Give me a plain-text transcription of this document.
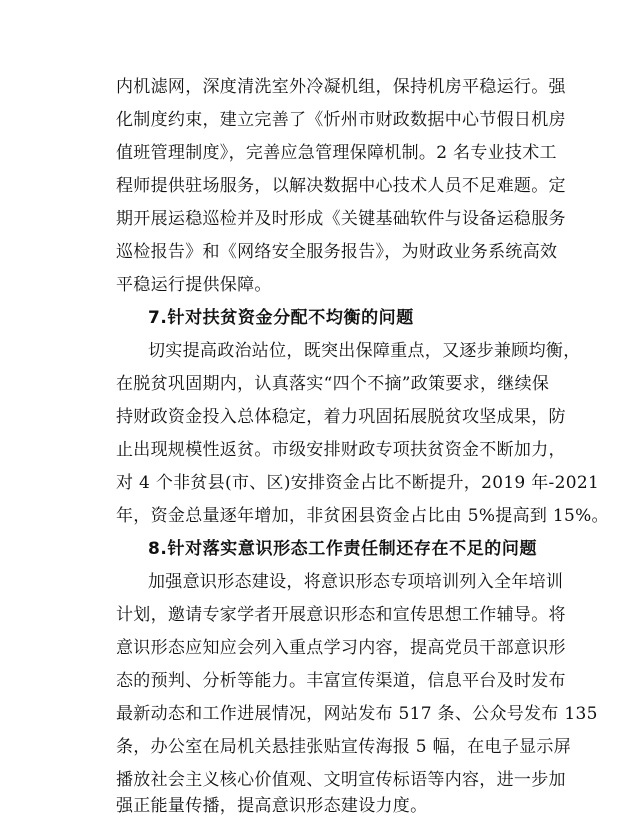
内机滤网，深度清洗室外冷凝机组，保持机房平稳运行。强
化制度约束，建立完善了《忻州市财政数据中心节假日机房
值班管理制度》，完善应急管理保障机制。2 名专业技术工
程师提供驻场服务，以解决数据中心技术人员不足难题。定
期开展运稳巡检并及时形成《关键基础软件与设备运稳服务
巡检报告》和《网络安全服务报告》，为财政业务系统高效
平稳运行提供保障。
7.针对扶贫资金分配不均衡的问题
切实提高政治站位，既突出保障重点，又逐步兼顾均衡，
在脱贫巩固期内，认真落实“四个不摘”政策要求，继续保
持财政资金投入总体稳定，着力巩固拓展脱贫攻坚成果，防
止出现规模性返贫。市级安排财政专项扶贫资金不断加力，
对 4 个非贫县(市、区)安排资金占比不断提升，2019 年-2021
年，资金总量逐年增加，非贫困县资金占比由 5%提高到 15%。
8.针对落实意识形态工作责任制还存在不足的问题
加强意识形态建设，将意识形态专项培训列入全年培训
计划，邀请专家学者开展意识形态和宣传思想工作辅导。将
意识形态应知应会列入重点学习内容，提高党员干部意识形
态的预判、分析等能力。丰富宣传渠道，信息平台及时发布
最新动态和工作进展情况，网站发布 517 条、公众号发布 135
条，办公室在局机关悬挂张贴宣传海报 5 幅，在电子显示屏
播放社会主义核心价值观、文明宣传标语等内容，进一步加
强正能量传播，提高意识形态建设力度。
